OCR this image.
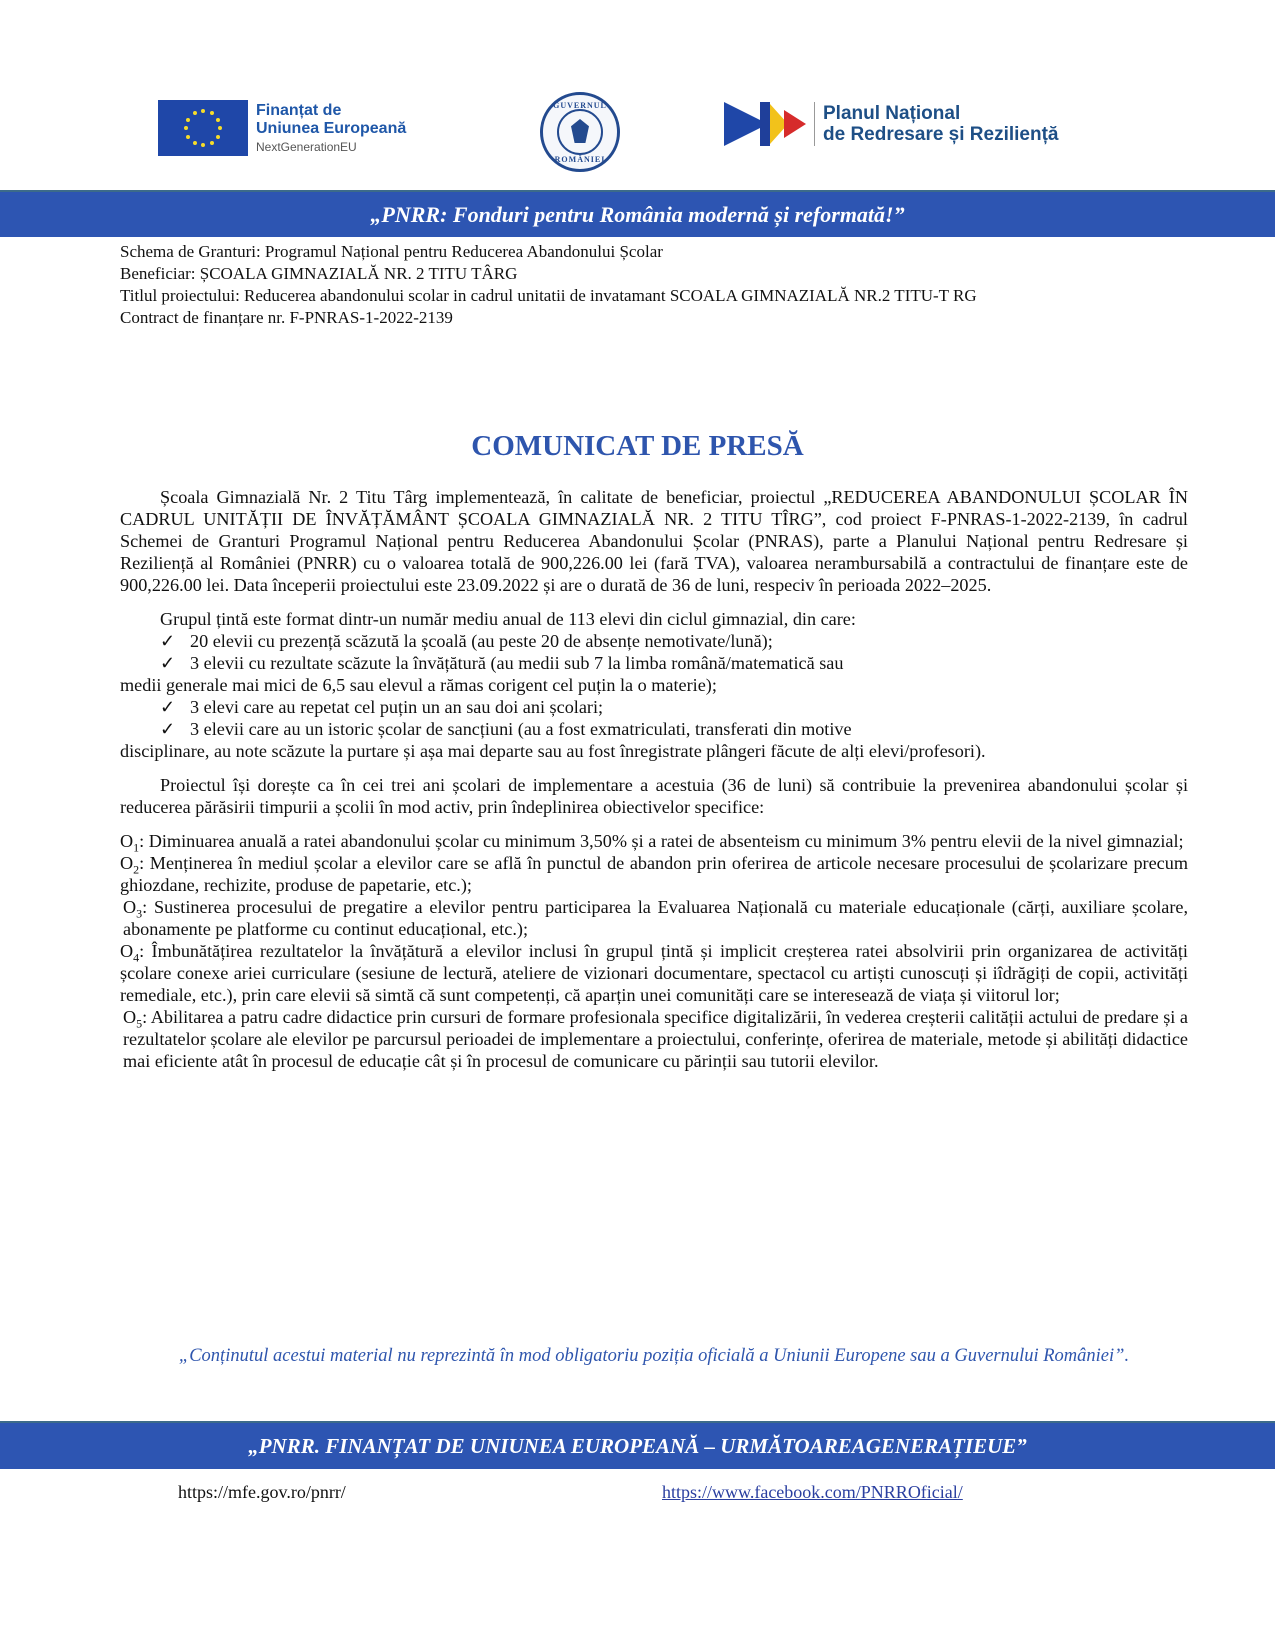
Finanțat de
Uniunea Europeană
NextGenerationEU
GUVERNUL
ROMÂNIEI
Planul Național
de Redresare și Reziliență
„PNRR: Fonduri pentru România modernă și reformată!”
Schema de Granturi: Programul Național pentru Reducerea Abandonului Școlar
Beneficiar: ȘCOALA GIMNAZIALĂ NR. 2 TITU TÂRG
Titlul proiectului: Reducerea abandonului scolar in cadrul unitatii de invatamant SCOALA GIMNAZIALĂ NR.2 TITU-T RG
Contract de finanțare nr. F-PNRAS-1-2022-2139
COMUNICAT DE PRESĂ

Școala Gimnazială Nr. 2 Titu Târg implementează, în calitate de beneficiar, proiectul „REDUCEREA ABANDONULUI ȘCOLAR ÎN CADRUL UNITĂȚII DE ÎNVĂȚĂMÂNT ȘCOALA GIMNAZIALĂ NR. 2 TITU TÎRG”, cod proiect F-PNRAS-1-2022-2139, în cadrul Schemei de Granturi Programul Național pentru Reducerea Abandonului Școlar (PNRAS), parte a Planului Național pentru Redresare și Reziliență al României (PNRR) cu o valoarea totală de 900,226.00 lei (fară TVA), valoarea nerambursabilă a contractului de finanțare este de 900,226.00 lei. Data începerii proiectului este 23.09.2022 și are o durată de 36 de luni, respeciv în perioada 2022–2025.

Grupul țintă este format dintr-un număr mediu anual de 113 elevi din ciclul gimnazial, din care:

✓ 20 elevii cu prezență scăzută la școală (au peste 20 de absențe nemotivate/lună);
✓ 3 elevii cu rezultate scăzute la învățătură (au medii sub 7 la limba română/matematică sau
medii generale mai mici de 6,5 sau elevul a rămas corigent cel puțin la o materie);
✓ 3 elevi care au repetat cel puțin un an sau doi ani școlari;
✓ 3 elevii care au un istoric școlar de sancțiuni (au a fost exmatriculati, transferati din motive
disciplinare, au note scăzute la purtare și așa mai departe sau au fost înregistrate plângeri făcute de alți elevi/profesori).

Proiectul își dorește ca în cei trei ani școlari de implementare a acestuia (36 de luni) să contribuie la prevenirea abandonului școlar și reducerea părăsirii timpurii a școlii în mod activ, prin îndeplinirea obiectivelor specifice:

$O_1$: Diminuarea anuală a ratei abandonului școlar cu minimum 3,50% și a ratei de absenteism cu minimum 3% pentru elevii de la nivel gimnazial;

$O_2$: Menținerea în mediul școlar a elevilor care se află în punctul de abandon prin oferirea de articole necesare procesului de școlarizare precum ghiozdane, rechizite, produse de papetarie, etc.);

$O_3$: Sustinerea procesului de pregatire a elevilor pentru participarea la Evaluarea Națională cu materiale educaționale (cărți, auxiliare școlare, abonamente pe platforme cu continut educațional, etc.);

$O_4$: Îmbunătățirea rezultatelor la învățătură a elevilor inclusi în grupul țintă și implicit creșterea ratei absolvirii prin organizarea de activități școlare conexe ariei curriculare (sesiune de lectură, ateliere de vizionari documentare, spectacol cu artiști cunoscuți și iîdrăgiți de copii, activități remediale, etc.), prin care elevii să simtă că sunt competenți, că aparțin unei comunități care se interesează de viața și viitorul lor;

$O_5$: Abilitarea a patru cadre didactice prin cursuri de formare profesionala specifice digitalizării, în vederea creșterii calității actului de predare și a rezultatelor școlare ale elevilor pe parcursul perioadei de implementare a proiectului, conferințe, oferirea de materiale, metode și abilități didactice mai eficiente atât în procesul de educație cât și în procesul de comunicare cu părinții sau tutorii elevilor.

„Conținutul acestui material nu reprezintă în mod obligatoriu poziția oficială a Uniunii Europene sau a Guvernului României”.
„PNRR. FINANȚAT DE UNIUNEA EUROPEANĂ – URMĂTOAREAGENERAȚIEUE”
https://mfe.gov.ro/pnrr/	https://www.facebook.com/PNRROficial/
